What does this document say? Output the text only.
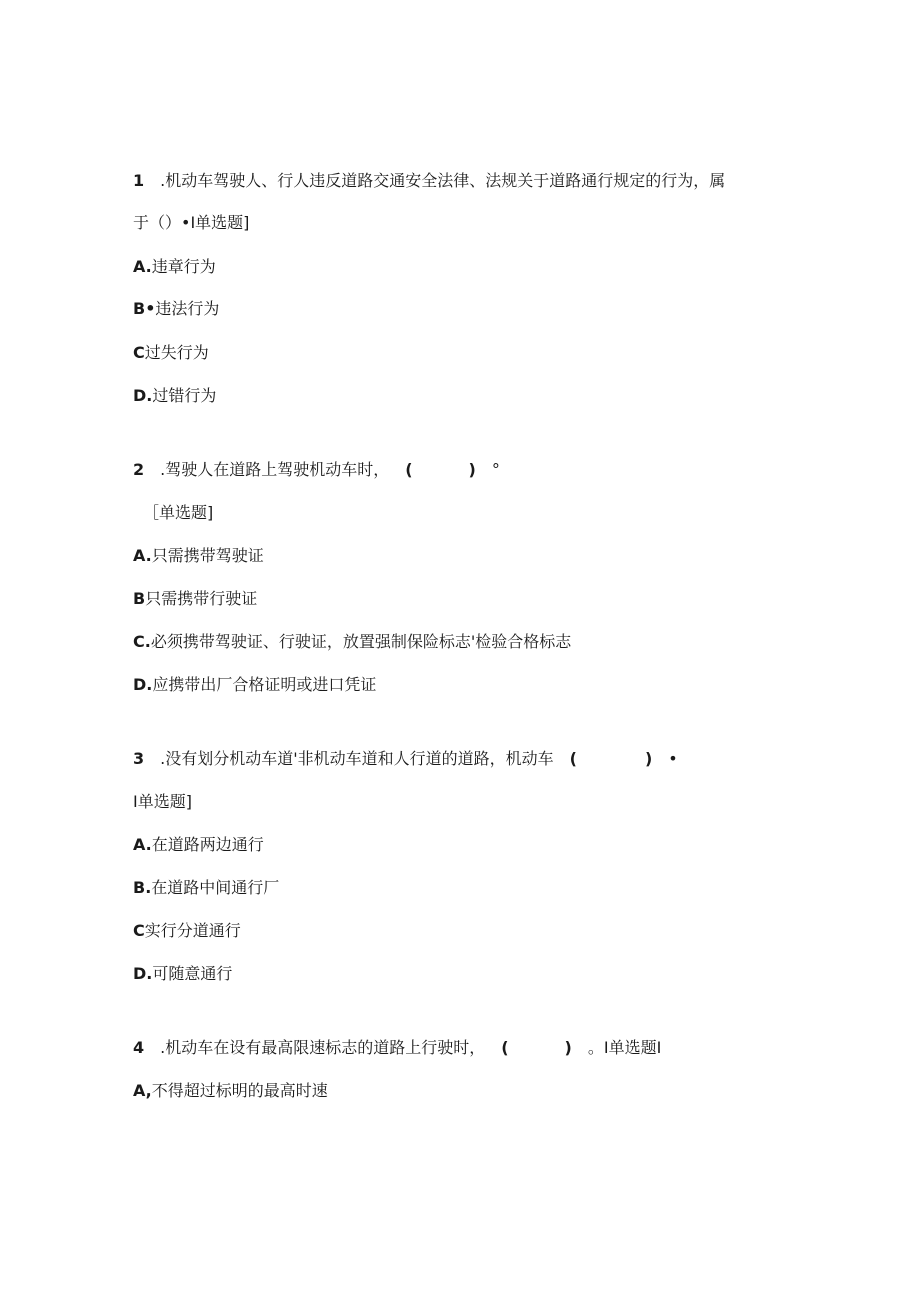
1 .机动车驾驶人、行人违反道路交通安全法律、法规关于道路通行规定的行为，属
于（）•I单选题]
A.违章行为
B•违法行为
C过失行为
D.过错行为
2 .驾驶人在道路上驾驶机动车时， (	) °
［单选题]
A.只需携带驾驶证
B只需携带行驶证
C.必须携带驾驶证、行驶证，放置强制保险标志'检验合格标志
D.应携带出厂合格证明或进口凭证
3 .没有划分机动车道'非机动车道和人行道的道路，机动车 (	) •
I单选题]
A.在道路两边通行
B.在道路中间通行厂
C实行分道通行
D.可随意通行
4 .机动车在设有最高限速标志的道路上行驶时， (	) 。I单选题I
A,不得超过标明的最高时速
